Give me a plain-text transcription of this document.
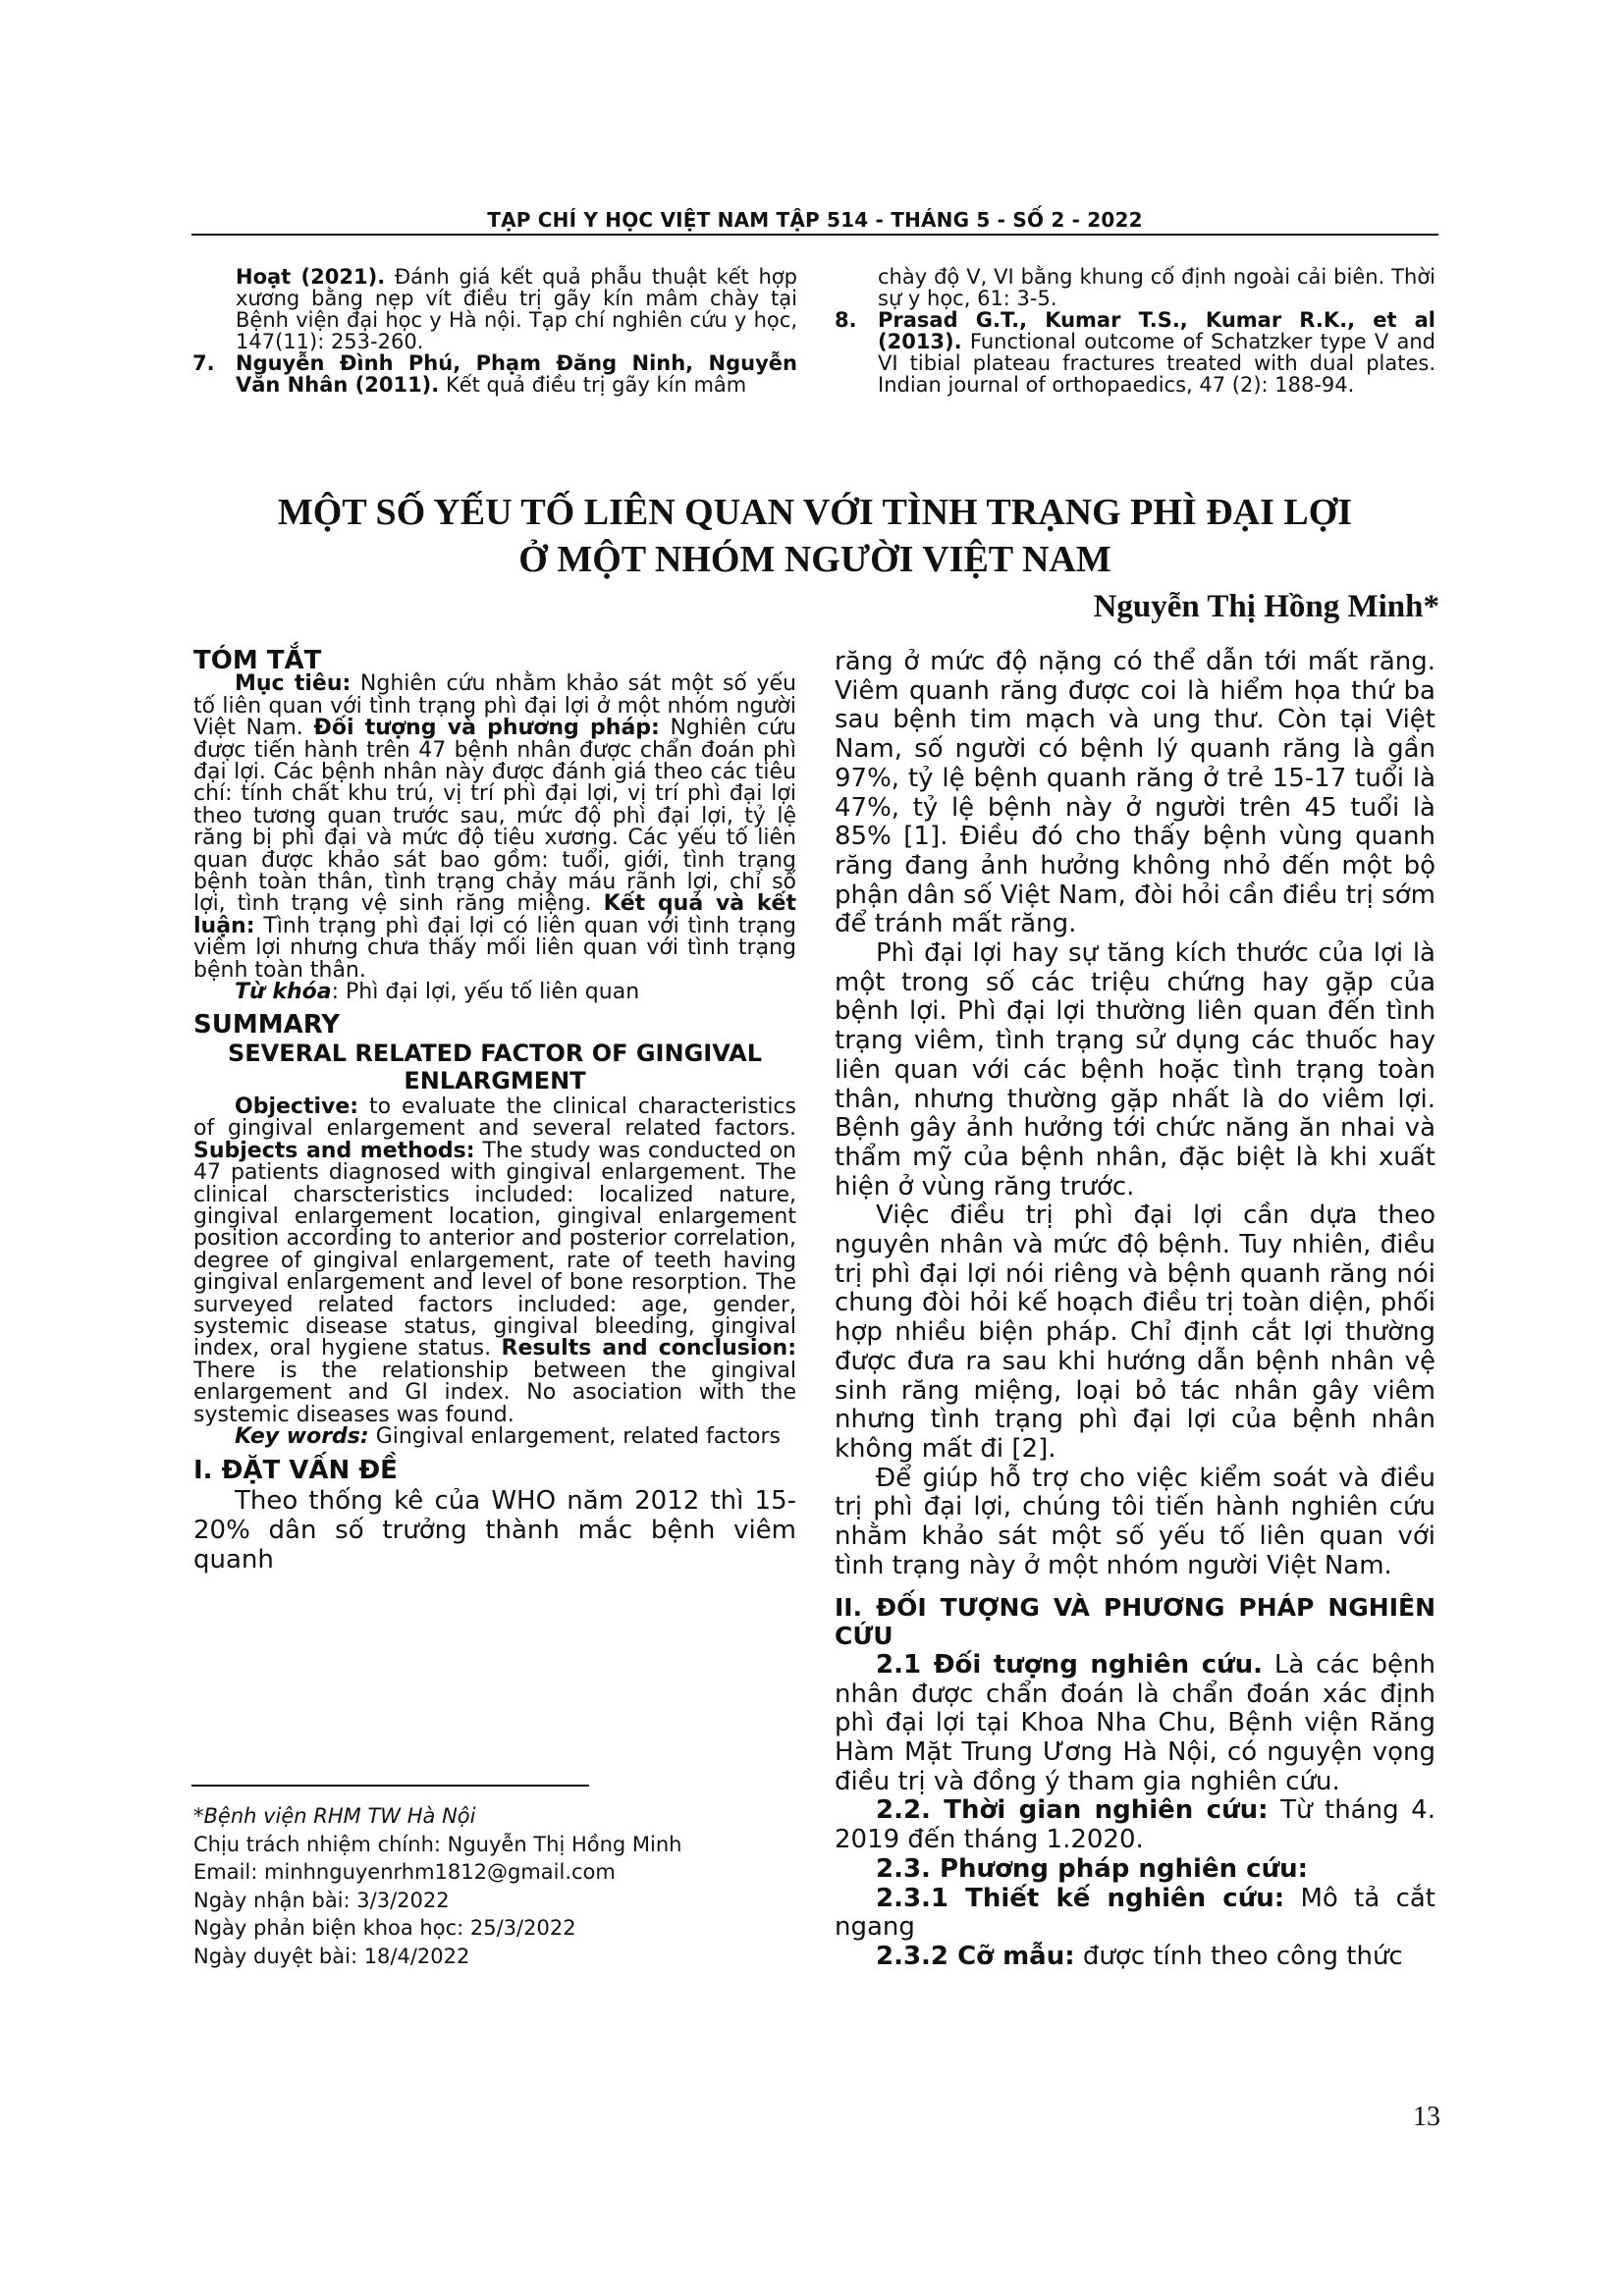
TẠP CHÍ Y HỌC VIỆT NAM TẬP 514 - THÁNG 5 - SỐ 2 - 2022
Hoạt (2021). Đánh giá kết quả phẫu thuật kết hợp xương bằng nẹp vít điều trị gãy kín mâm chày tại Bệnh viện đại học y Hà nội. Tạp chí nghiên cứu y học, 147(11): 253-260.
7. Nguyễn Đình Phú, Phạm Đăng Ninh, Nguyễn Văn Nhân (2011). Kết quả điều trị gãy kín mâm
chày độ V, VI bằng khung cố định ngoài cải biên. Thời sự y học, 61: 3-5.
8. Prasad G.T., Kumar T.S., Kumar R.K., et al (2013). Functional outcome of Schatzker type V and VI tibial plateau fractures treated with dual plates. Indian journal of orthopaedics, 47 (2): 188-94.
MỘT SỐ YẾU TỐ LIÊN QUAN VỚI TÌNH TRẠNG PHÌ ĐẠI LỢI
Ở MỘT NHÓM NGƯỜI VIỆT NAM
Nguyễn Thị Hồng Minh*
TÓM TẮT

Mục tiêu: Nghiên cứu nhằm khảo sát một số yếu tố liên quan với tình trạng phì đại lợi ở một nhóm người Việt Nam. Đối tượng và phương pháp: Nghiên cứu được tiến hành trên 47 bệnh nhân được chẩn đoán phì đại lợi. Các bệnh nhân này được đánh giá theo các tiêu chí: tính chất khu trú, vị trí phì đại lợi, vị trí phì đại lợi theo tương quan trước sau, mức độ phì đại lợi, tỷ lệ răng bị phì đại và mức độ tiêu xương. Các yếu tố liên quan được khảo sát bao gồm: tuổi, giới, tình trạng bệnh toàn thân, tình trạng chảy máu rãnh lợi, chỉ số lợi, tình trạng vệ sinh răng miệng. Kết quả và kết luận: Tình trạng phì đại lợi có liên quan với tình trạng viêm lợi nhưng chưa thấy mối liên quan với tình trạng bệnh toàn thân.

Từ khóa: Phì đại lợi, yếu tố liên quan

SUMMARY
SEVERAL RELATED FACTOR OF GINGIVAL
ENLARGMENT

Objective: to evaluate the clinical characteristics of gingival enlargement and several related factors. Subjects and methods: The study was conducted on 47 patients diagnosed with gingival enlargement. The clinical charscteristics included: localized nature, gingival enlargement location, gingival enlargement position according to anterior and posterior correlation, degree of gingival enlargement, rate of teeth having gingival enlargement and level of bone resorption. The surveyed related factors included: age, gender, systemic disease status, gingival bleeding, gingival index, oral hygiene status. Results and conclusion: There is the relationship between the gingival enlargement and GI index. No asociation with the systemic diseases was found.

Key words: Gingival enlargement, related factors

I. ĐẶT VẤN ĐỀ

Theo thống kê của WHO năm 2012 thì 15-20% dân số trưởng thành mắc bệnh viêm quanh

*Bệnh viện RHM TW Hà Nội
Chịu trách nhiệm chính: Nguyễn Thị Hồng Minh
Email: minhnguyenrhm1812@gmail.com
Ngày nhận bài: 3/3/2022
Ngày phản biện khoa học: 25/3/2022
Ngày duyệt bài: 18/4/2022

răng ở mức độ nặng có thể dẫn tới mất răng. Viêm quanh răng được coi là hiểm họa thứ ba sau bệnh tim mạch và ung thư. Còn tại Việt Nam, số người có bệnh lý quanh răng là gần 97%, tỷ lệ bệnh quanh răng ở trẻ 15-17 tuổi là 47%, tỷ lệ bệnh này ở người trên 45 tuổi là 85% [1]. Điều đó cho thấy bệnh vùng quanh răng đang ảnh hưởng không nhỏ đến một bộ phận dân số Việt Nam, đòi hỏi cần điều trị sớm để tránh mất răng.

Phì đại lợi hay sự tăng kích thước của lợi là một trong số các triệu chứng hay gặp của bệnh lợi. Phì đại lợi thường liên quan đến tình trạng viêm, tình trạng sử dụng các thuốc hay liên quan với các bệnh hoặc tình trạng toàn thân, nhưng thường gặp nhất là do viêm lợi. Bệnh gây ảnh hưởng tới chức năng ăn nhai và thẩm mỹ của bệnh nhân, đặc biệt là khi xuất hiện ở vùng răng trước.

Việc điều trị phì đại lợi cần dựa theo nguyên nhân và mức độ bệnh. Tuy nhiên, điều trị phì đại lợi nói riêng và bệnh quanh răng nói chung đòi hỏi kế hoạch điều trị toàn diện, phối hợp nhiều biện pháp. Chỉ định cắt lợi thường được đưa ra sau khi hướng dẫn bệnh nhân vệ sinh răng miệng, loại bỏ tác nhân gây viêm nhưng tình trạng phì đại lợi của bệnh nhân không mất đi [2].

Để giúp hỗ trợ cho việc kiểm soát và điều trị phì đại lợi, chúng tôi tiến hành nghiên cứu nhằm khảo sát một số yếu tố liên quan với tình trạng này ở một nhóm người Việt Nam.

II. ĐỐI TƯỢNG VÀ PHƯƠNG PHÁP NGHIÊN CỨU

2.1 Đối tượng nghiên cứu. Là các bệnh nhân được chẩn đoán là chẩn đoán xác định phì đại lợi tại Khoa Nha Chu, Bệnh viện Răng Hàm Mặt Trung Ương Hà Nội, có nguyện vọng điều trị và đồng ý tham gia nghiên cứu.

2.2. Thời gian nghiên cứu: Từ tháng 4. 2019 đến tháng 1.2020.

2.3. Phương pháp nghiên cứu:

2.3.1 Thiết kế nghiên cứu: Mô tả cắt ngang

2.3.2 Cỡ mẫu: được tính theo công thức

13
